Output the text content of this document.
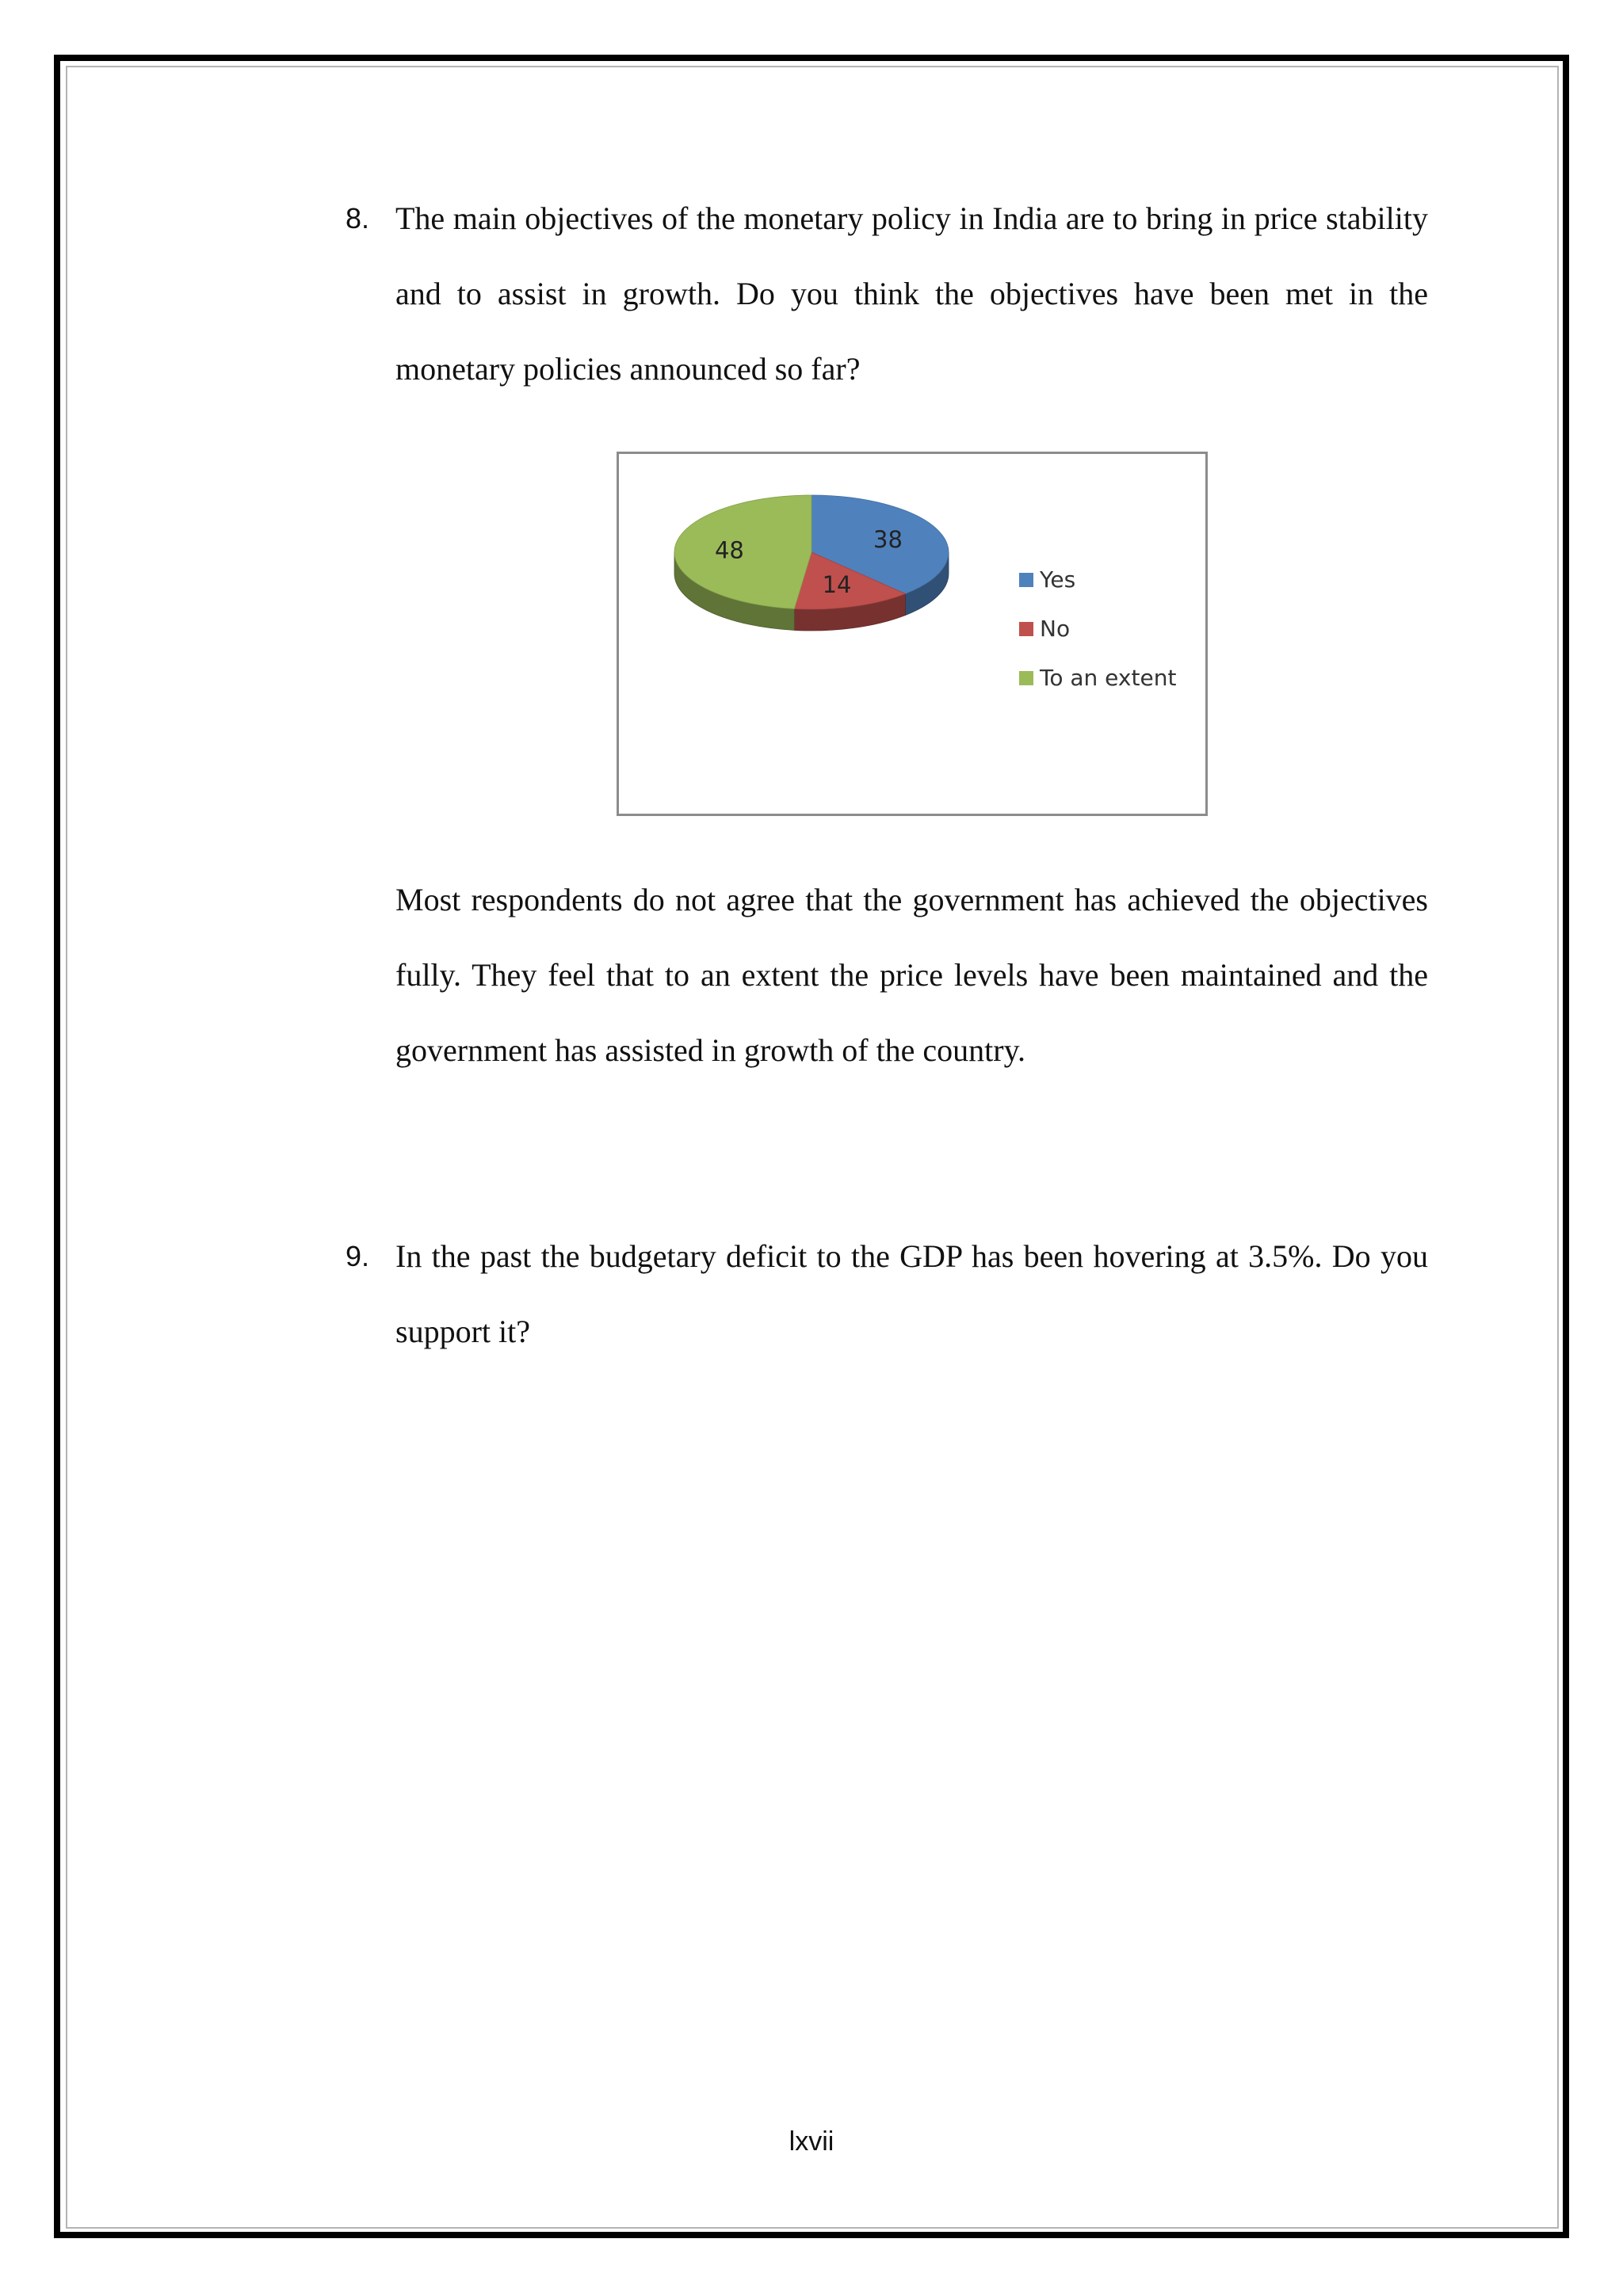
8. The main objectives of the monetary policy in India are to bring in price stability and to assist in growth. Do you think the objectives have been met in the monetary policies announced so far?
38
14
48
Yes
No
To an extent
Most respondents do not agree that the government has achieved the objectives fully. They feel that to an extent the price levels have been maintained and the government has assisted in growth of the country.
9. In the past the budgetary deficit to the GDP has been hovering at 3.5%. Do you support it?
lxvii
